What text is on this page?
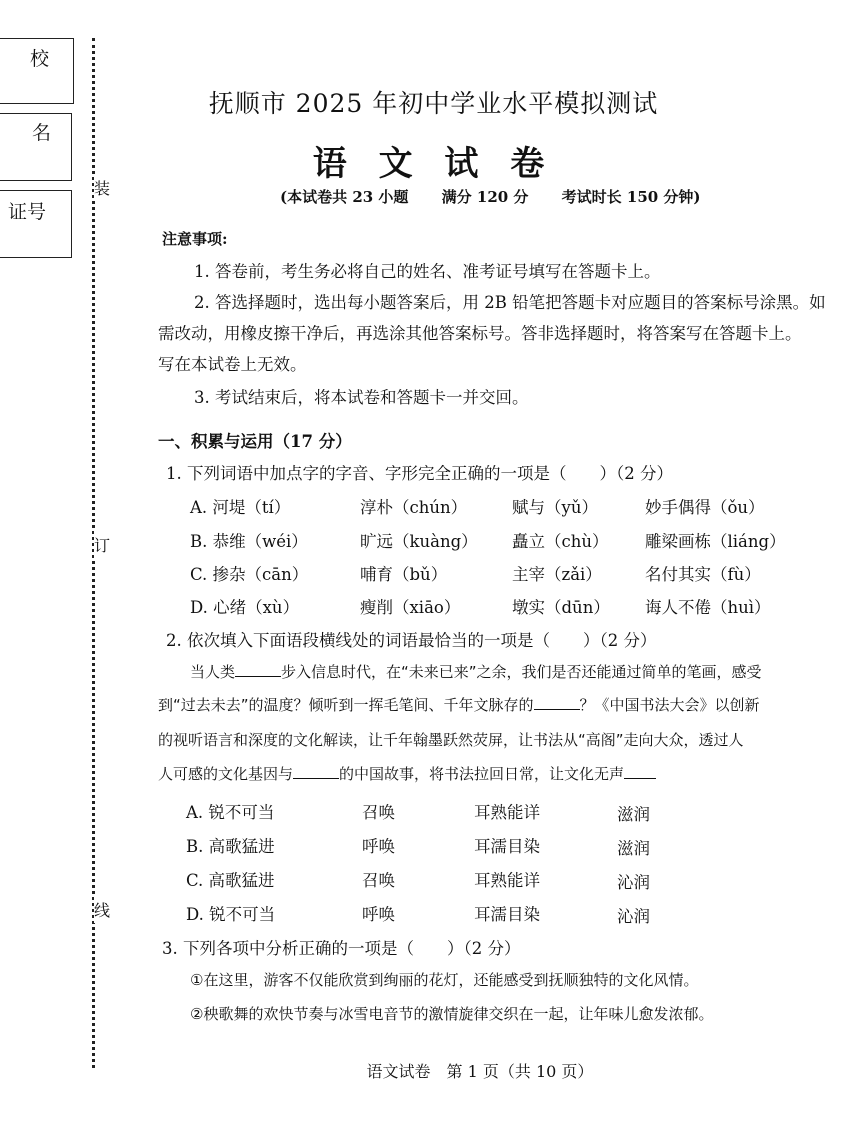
校
名
证号
装
订
线
抚顺市 2025 年初中学业水平模拟测试
语 文 试 卷
(本试卷共 23 小题 满分 120 分 考试时长 150 分钟)
注意事项:
1. 答卷前，考生务必将自己的姓名、准考证号填写在答题卡上。
2. 答选择题时，选出每小题答案后，用 2B 铅笔把答题卡对应题目的答案标号涂黑。如
需改动，用橡皮擦干净后，再选涂其他答案标号。答非选择题时，将答案写在答题卡上。
写在本试卷上无效。
3. 考试结束后，将本试卷和答题卡一并交回。
一、积累与运用（17 分）
1. 下列词语中加点字的字音、字形完全正确的一项是（　　）（2 分）
A. 河堤（tí）	淳朴（chún）	赋与（yǔ）	妙手偶得（ǒu）
B. 恭维（wéi）	旷远（kuàng） 矗立（chù） 雕梁画栋（liáng）
C. 掺杂（cān）	哺育（bǔ）	主宰（zǎi）	名付其实（fù）
D. 心绪（xù）	瘦削（xiāo）	墩实（dūn） 诲人不倦（huì）
2. 依次填入下面语段横线处的词语最恰当的一项是（　　）（2 分）
当人类	步入信息时代，在“未来已来”之余，我们是否还能通过简单的笔画，感受
到“过去未去”的温度？倾听到一挥毛笔间、千年文脉存的	？《中国书法大会》以创新
的视听语言和深度的文化解读，让千年翰墨跃然荧屏，让书法从“高阁”走向大众，透过人
人可感的文化基因与	的中国故事，将书法拉回日常，让文化无声
A. 锐不可当	召唤	耳熟能详	滋润
B. 高歌猛进	呼唤	耳濡目染	滋润
C. 高歌猛进	召唤	耳熟能详	沁润
D. 锐不可当	呼唤	耳濡目染	沁润
3. 下列各项中分析正确的一项是（　　）（2 分）
①在这里，游客不仅能欣赏到绚丽的花灯，还能感受到抚顺独特的文化风情。
②秧歌舞的欢快节奏与冰雪电音节的激情旋律交织在一起，让年味儿愈发浓郁。
语文试卷　第 1 页（共 10 页）
